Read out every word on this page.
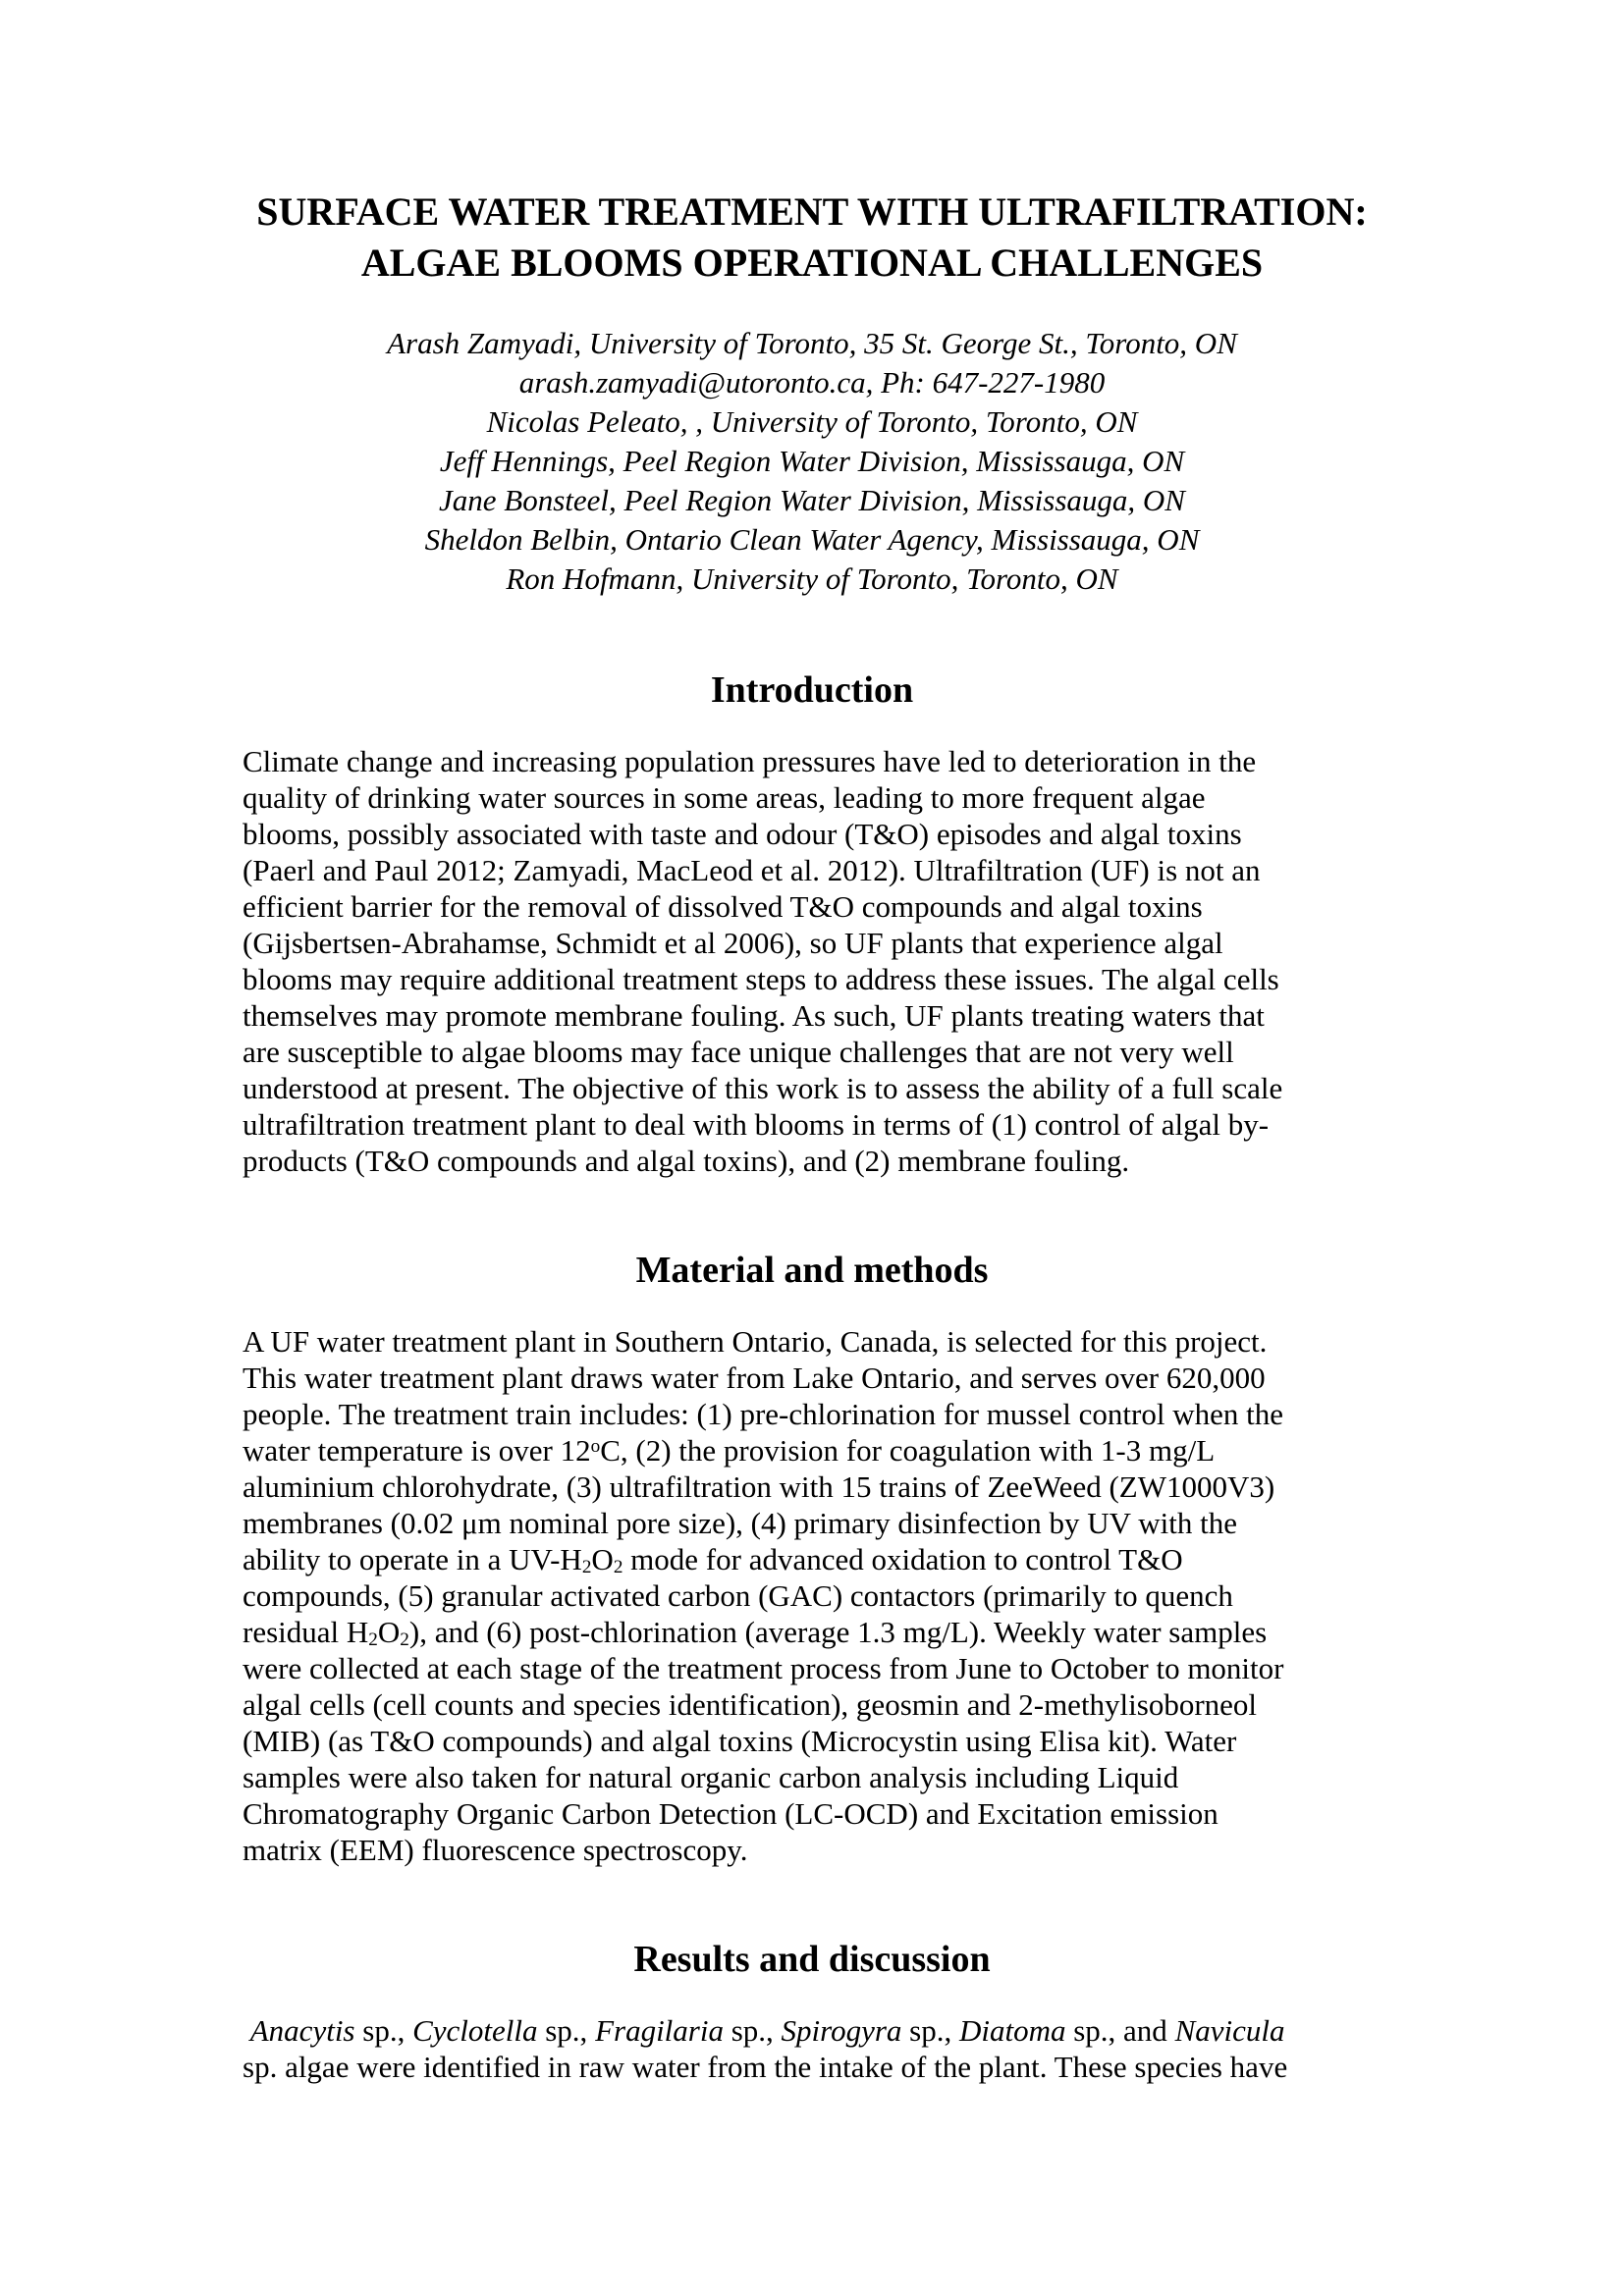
SURFACE WATER TREATMENT WITH ULTRAFILTRATION:
ALGAE BLOOMS OPERATIONAL CHALLENGES
Arash Zamyadi, University of Toronto, 35 St. George St., Toronto, ON
arash.zamyadi@utoronto.ca, Ph: 647-227-1980
Nicolas Peleato, , University of Toronto, Toronto, ON
Jeff Hennings, Peel Region Water Division, Mississauga, ON
Jane Bonsteel, Peel Region Water Division, Mississauga, ON
Sheldon Belbin, Ontario Clean Water Agency, Mississauga, ON
Ron Hofmann, University of Toronto, Toronto, ON
Introduction
Climate change and increasing population pressures have led to deterioration in the
quality of drinking water sources in some areas, leading to more frequent algae
blooms, possibly associated with taste and odour (T&O) episodes and algal toxins
(Paerl and Paul 2012; Zamyadi, MacLeod et al. 2012). Ultrafiltration (UF) is not an
efficient barrier for the removal of dissolved T&O compounds and algal toxins
(Gijsbertsen-Abrahamse, Schmidt et al 2006), so UF plants that experience algal
blooms may require additional treatment steps to address these issues. The algal cells
themselves may promote membrane fouling. As such, UF plants treating waters that
are susceptible to algae blooms may face unique challenges that are not very well
understood at present. The objective of this work is to assess the ability of a full scale
ultrafiltration treatment plant to deal with blooms in terms of (1) control of algal by-
products (T&O compounds and algal toxins), and (2) membrane fouling.
Material and methods
A UF water treatment plant in Southern Ontario, Canada, is selected for this project.
This water treatment plant draws water from Lake Ontario, and serves over 620,000
people. The treatment train includes: (1) pre-chlorination for mussel control when the
water temperature is over 12$^o$C, (2) the provision for coagulation with 1-3 mg/L
aluminium chlorohydrate, (3) ultrafiltration with 15 trains of ZeeWeed (ZW1000V3)
membranes (0.02 μm nominal pore size), (4) primary disinfection by UV with the
ability to operate in a UV-H2O2 mode for advanced oxidation to control T&O
compounds, (5) granular activated carbon (GAC) contactors (primarily to quench
residual H2O2), and (6) post-chlorination (average 1.3 mg/L). Weekly water samples
were collected at each stage of the treatment process from June to October to monitor
algal cells (cell counts and species identification), geosmin and 2-methylisoborneol
(MIB) (as T&O compounds) and algal toxins (Microcystin using Elisa kit). Water
samples were also taken for natural organic carbon analysis including Liquid
Chromatography Organic Carbon Detection (LC-OCD) and Excitation emission
matrix (EEM) fluorescence spectroscopy.
Results and discussion
Anacytis sp., Cyclotella sp., Fragilaria sp., Spirogyra sp., Diatoma sp., and Navicula
sp. algae were identified in raw water from the intake of the plant. These species have
